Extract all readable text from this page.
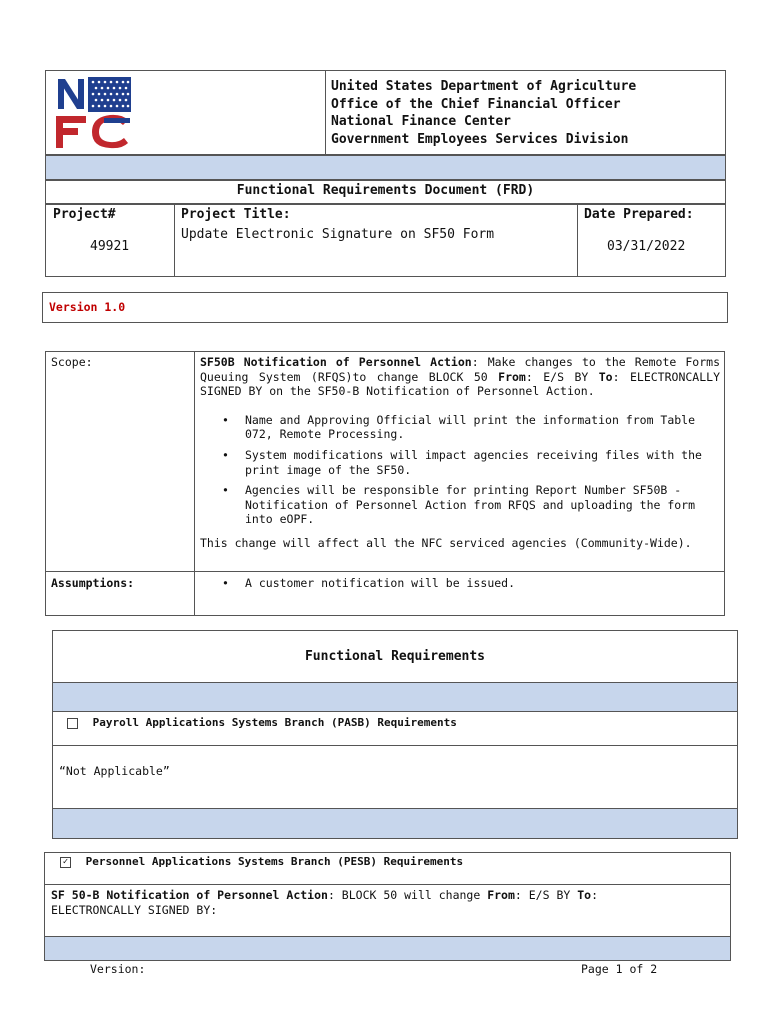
United States Department of Agriculture
Office of the Chief Financial Officer
National Finance Center
Government Employees Services Division
Functional Requirements Document (FRD)
Project#
49921
Project Title:
Update Electronic Signature on SF50 Form
Date Prepared:
03/31/2022
Version 1.0
Scope:	SF50B Notification of Personnel Action: Make changes to the Remote Forms Queuing System (RFQS)to change BLOCK 50 From: E/S BY To: ELECTRONCALLY SIGNED BY on the SF50-B Notification of Personnel Action.
• Name and Approving Official will print the information from Table 072, Remote Processing.
• System modifications will impact agencies receiving files with the print image of the SF50.
• Agencies will be responsible for printing Report Number SF50B - Notification of Personnel Action from RFQS and uploading the form into eOPF.
This change will affect all the NFC serviced agencies (Community-Wide).
Assumptions:	• A customer notification will be issued.
Functional Requirements
Payroll Applications Systems Branch (PASB) Requirements
“Not Applicable”
✓ Personnel Applications Systems Branch (PESB) Requirements
SF 50-B Notification of Personnel Action: BLOCK 50 will change From: E/S BY To:
ELECTRONCALLY SIGNED BY:
Version:	Page 1 of 2
